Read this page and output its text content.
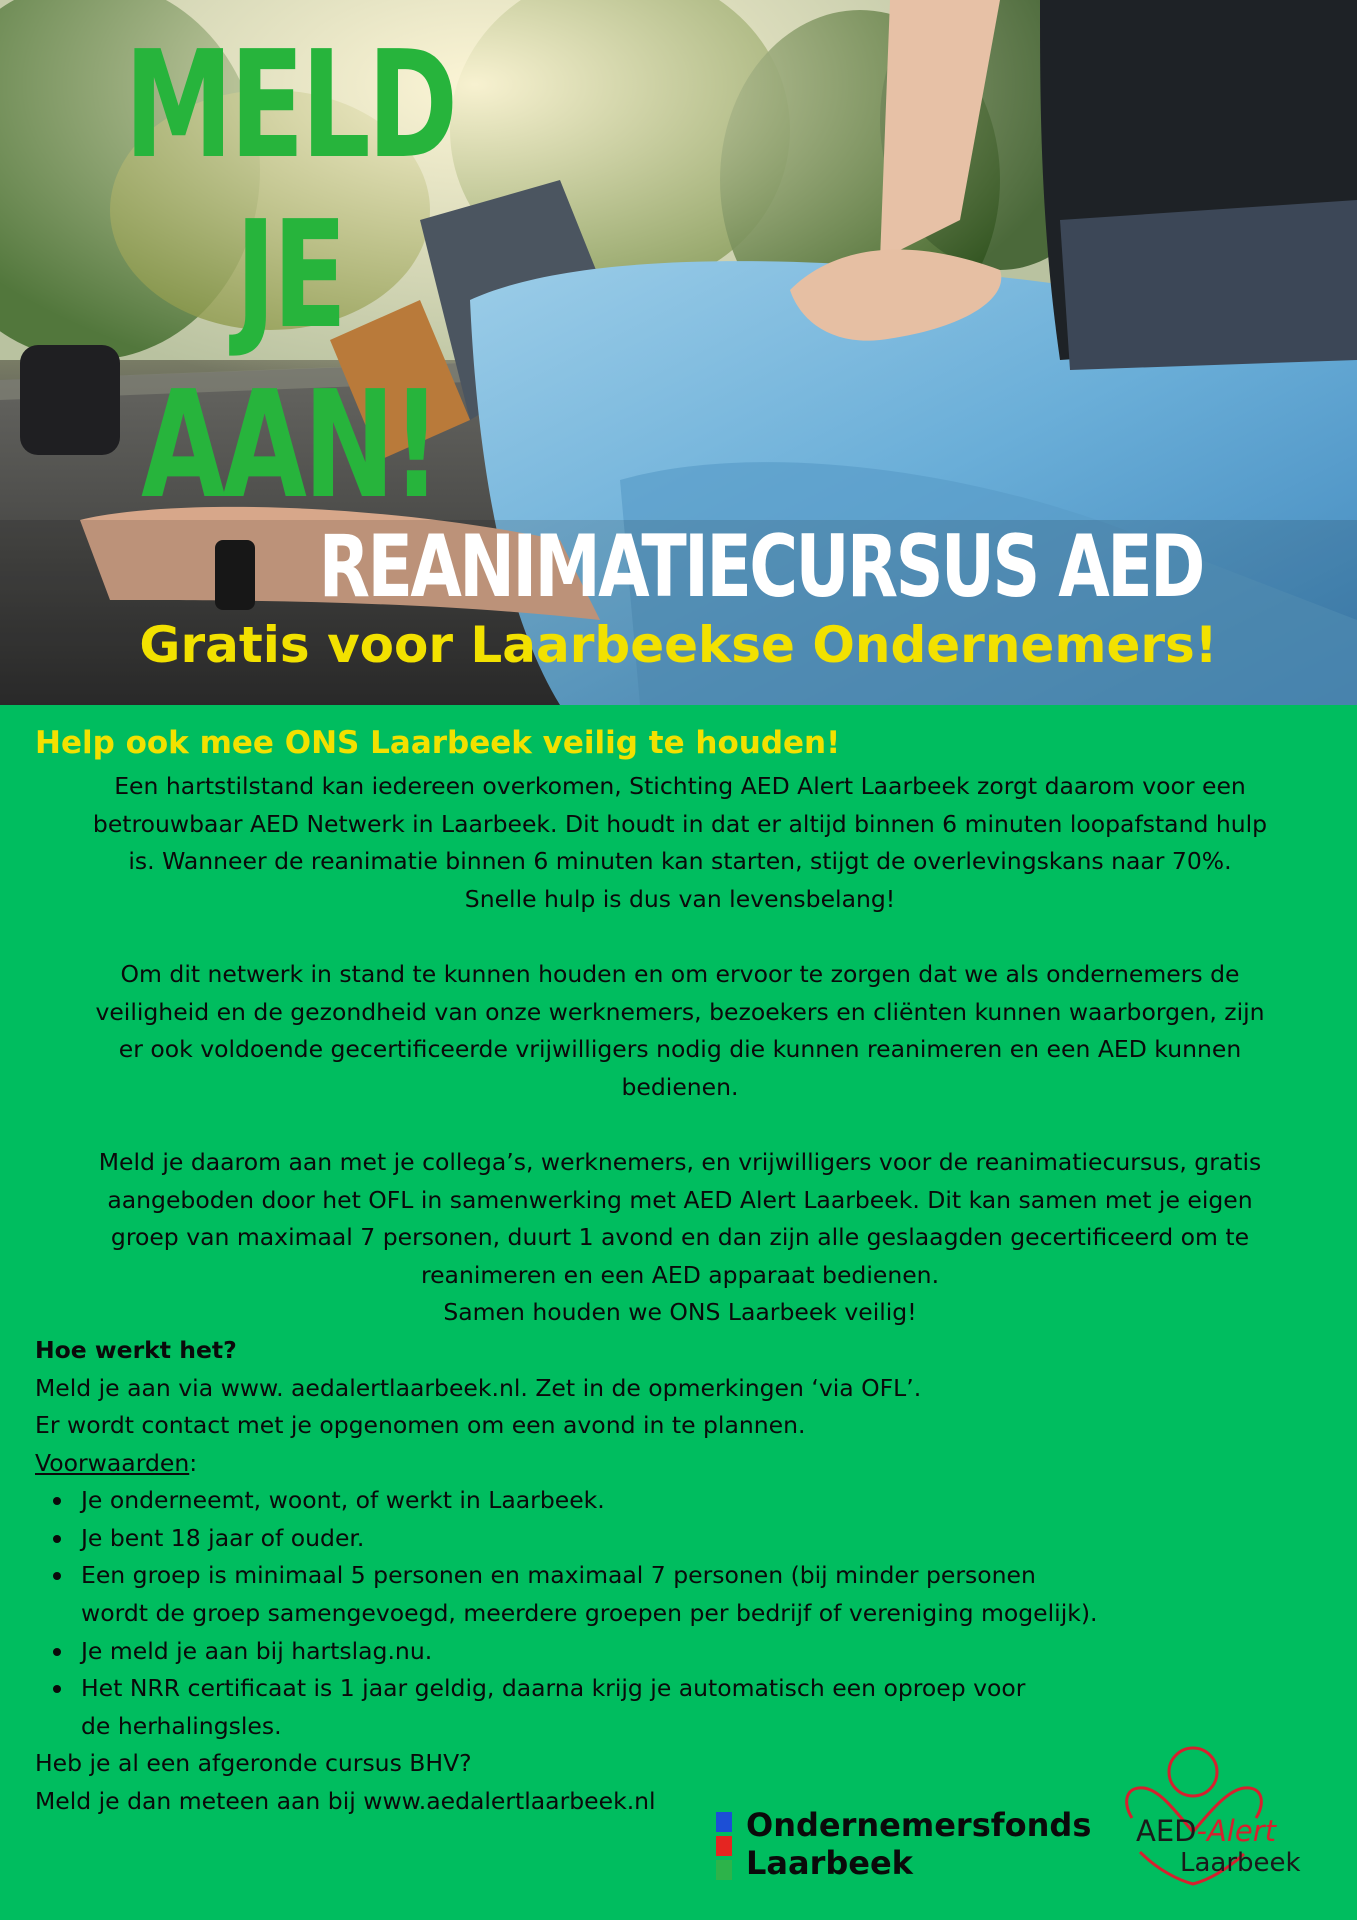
MELD JE
AAN!
REANIMATIECURSUS AED

Gratis voor Laarbeekse Ondernemers!

Help ook mee ONS Laarbeek veilig te houden!

Een hartstilstand kan iedereen overkomen, Stichting AED Alert Laarbeek zorgt daarom voor een
betrouwbaar AED Netwerk in Laarbeek. Dit houdt in dat er altijd binnen 6 minuten loopafstand hulp
is. Wanneer de reanimatie binnen 6 minuten kan starten, stijgt de overlevingskans naar 70%.
Snelle hulp is dus van levensbelang!

Om dit netwerk in stand te kunnen houden en om ervoor te zorgen dat we als ondernemers de
veiligheid en de gezondheid van onze werknemers, bezoekers en cliënten kunnen waarborgen, zijn
er ook voldoende gecertificeerde vrijwilligers nodig die kunnen reanimeren en een AED kunnen
bedienen.

Meld je daarom aan met je collega’s, werknemers, en vrijwilligers voor de reanimatiecursus, gratis
aangeboden door het OFL in samenwerking met AED Alert Laarbeek. Dit kan samen met je eigen
groep van maximaal 7 personen, duurt 1 avond en dan zijn alle geslaagden gecertificeerd om te
reanimeren en een AED apparaat bedienen.
Samen houden we ONS Laarbeek veilig!

Hoe werkt het?
Meld je aan via www. aedalertlaarbeek.nl. Zet in de opmerkingen ‘via OFL’.
Er wordt contact met je opgenomen om een avond in te plannen.
Voorwaarden:
Je onderneemt, woont, of werkt in Laarbeek.
Je bent 18 jaar of ouder.
Een groep is minimaal 5 personen en maximaal 7 personen (bij minder personen
wordt de groep samengevoegd, meerdere groepen per bedrijf of vereniging mogelijk).
Je meld je aan bij hartslag.nu.
Het NRR certificaat is 1 jaar geldig, daarna krijg je automatisch een oproep voor
de herhalingsles.
Heb je al een afgeronde cursus BHV?
Meld je dan meteen aan bij www.aedalertlaarbeek.nl
Ondernemersfonds
Laarbeek
AED-Alert
Laarbeek
